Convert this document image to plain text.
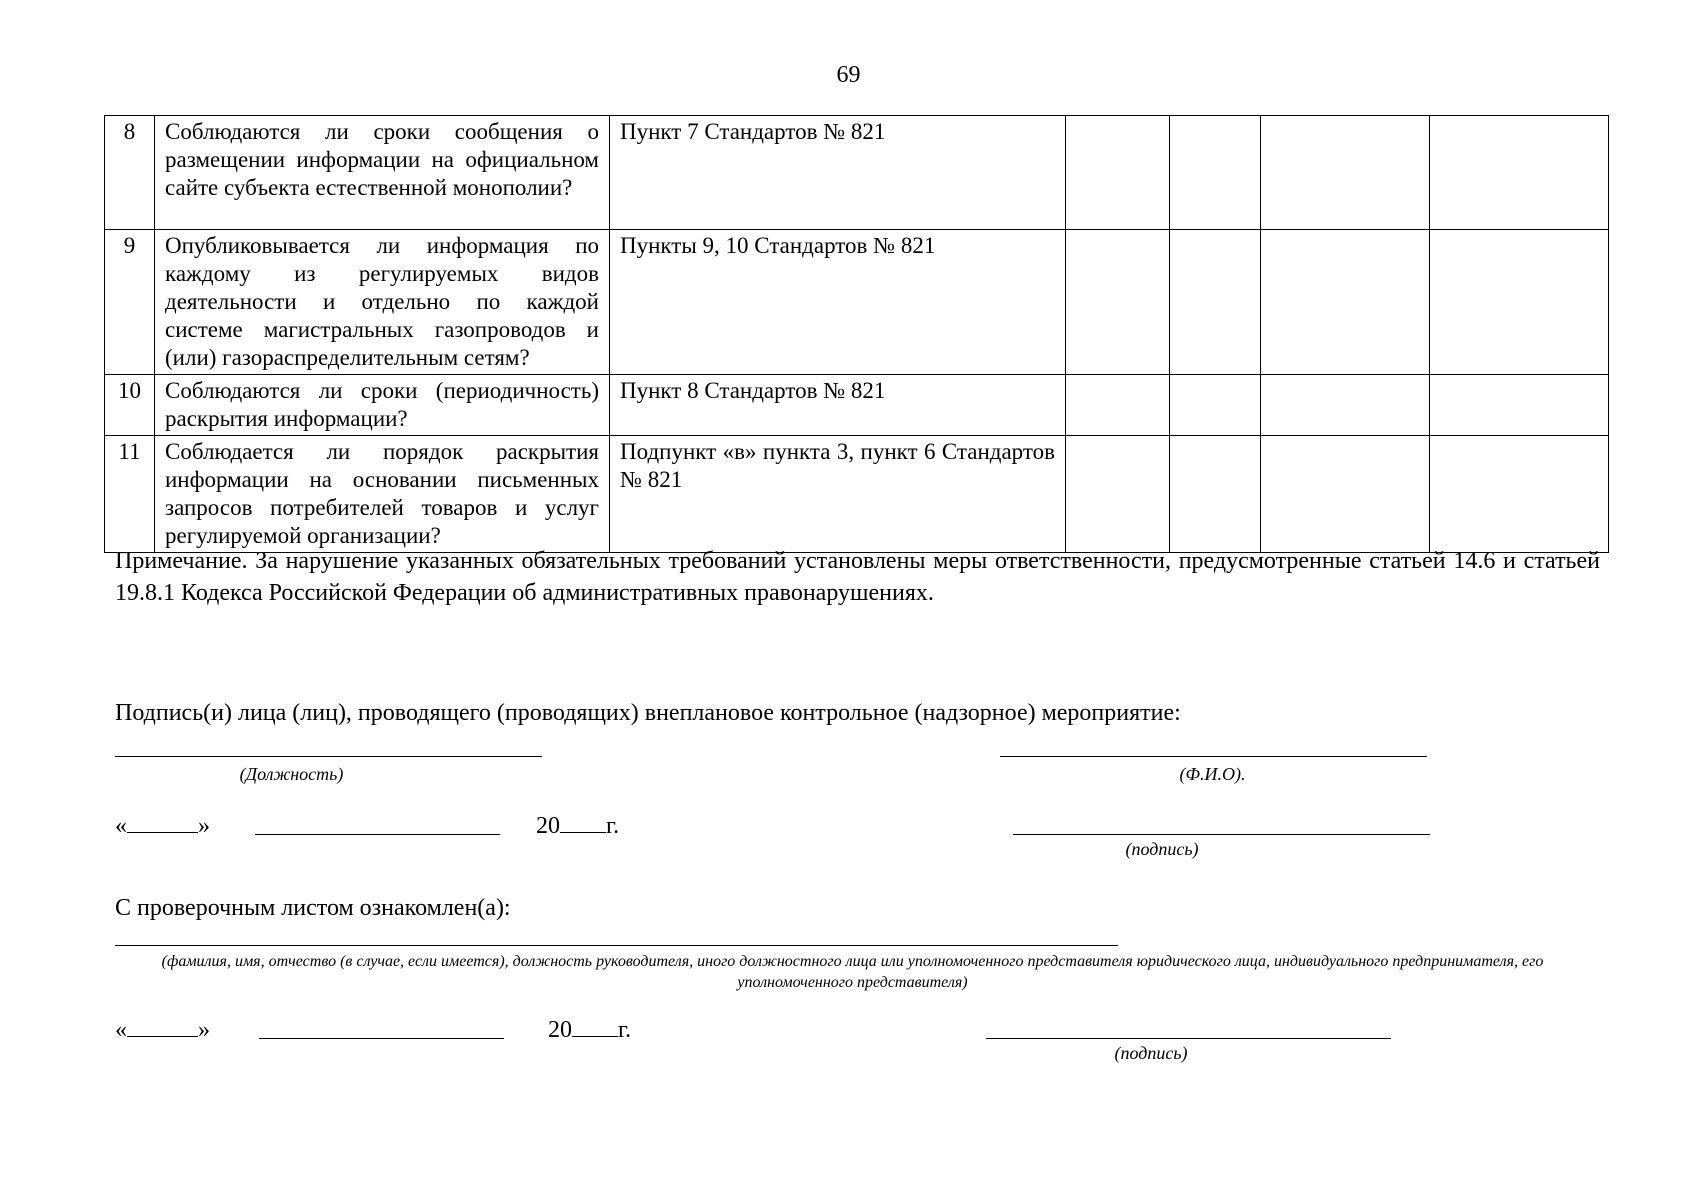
69
8	Соблюдаются ли сроки сообщения о размещении информации на официальном сайте субъекта естественной монополии?	Пункт 7 Стандартов № 821				
9	Опубликовывается ли информация по каждому из регулируемых видов деятельности и отдельно по каждой системе магистральных газопроводов и (или) газораспределительным сетям?	Пункты 9, 10 Стандартов № 821				
10	Соблюдаются ли сроки (периодичность) раскрытия информации?	Пункт 8 Стандартов № 821				
11	Соблюдается ли порядок раскрытия информации на основании письменных запросов потребителей товаров и услуг регулируемой организации?	Подпункт «в» пункта 3, пункт 6 Стандартов № 821				
Примечание. За нарушение указанных обязательных требований установлены меры ответственности, предусмотренные статьей 14.6 и статьей 19.8.1 Кодекса Российской Федерации об административных правонарушениях.
Подпись(и) лица (лиц), проводящего (проводящих) внеплановое контрольное (надзорное) мероприятие:
(Должность)	(Ф.И.О).
«	»	20 г.
(подпись)
С проверочным листом ознакомлен(а):
(фамилия, имя, отчество (в случае, если имеется), должность руководителя, иного должностного лица или уполномоченного представителя юридического лица, индивидуального предпринимателя, его уполномоченного представителя)
«	»	20 г.
(подпись)
